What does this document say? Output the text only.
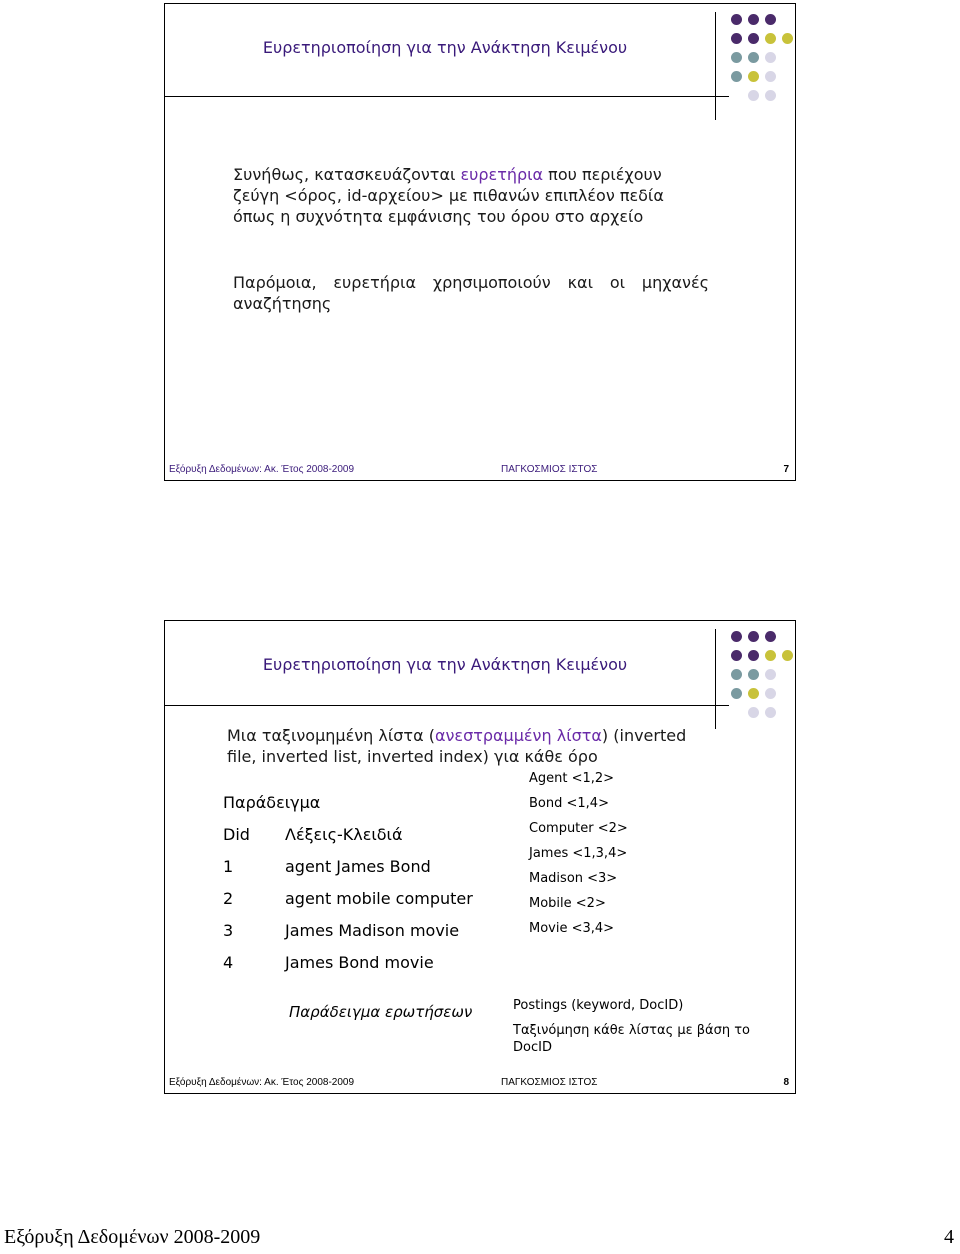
Ευρετηριοποίηση για την Ανάκτηση Κειμένου
Συνήθως, κατασκευάζονται ευρετήρια που περιέχουν ζεύγη <όρος, id-αρχείου> με πιθανών επιπλέον πεδία όπως η συχνότητα εμφάνισης του όρου στο αρχείο
Παρόμοια, ευρετήρια χρησιμοποιούν και οι μηχανές αναζήτησης
Εξόρυξη Δεδομένων: Ακ. Έτος 2008-2009	ΠΑΓΚΟΣΜΙΟΣ ΙΣΤΟΣ	7
Ευρετηριοποίηση για την Ανάκτηση Κειμένου
Μια ταξινομημένη λίστα (ανεστραμμένη λίστα) (inverted file, inverted list, inverted index) για κάθε όρο
Παράδειγμα
Did Λέξεις-Κλειδιά
1	agent James Bond
2	agent mobile computer
3	James Madison movie
4	James Bond movie
Agent <1,2>
Bond <1,4>
Computer <2>
James <1,3,4>
Madison <3>
Mobile <2>
Movie <3,4>
Παράδειγμα ερωτήσεων	Postings (keyword, DocID)
Ταξινόμηση κάθε λίστας με βάση το DocID
Εξόρυξη Δεδομένων: Ακ. Έτος 2008-2009	ΠΑΓΚΟΣΜΙΟΣ ΙΣΤΟΣ	8
Εξόρυξη Δεδομένων 2008-2009	4
